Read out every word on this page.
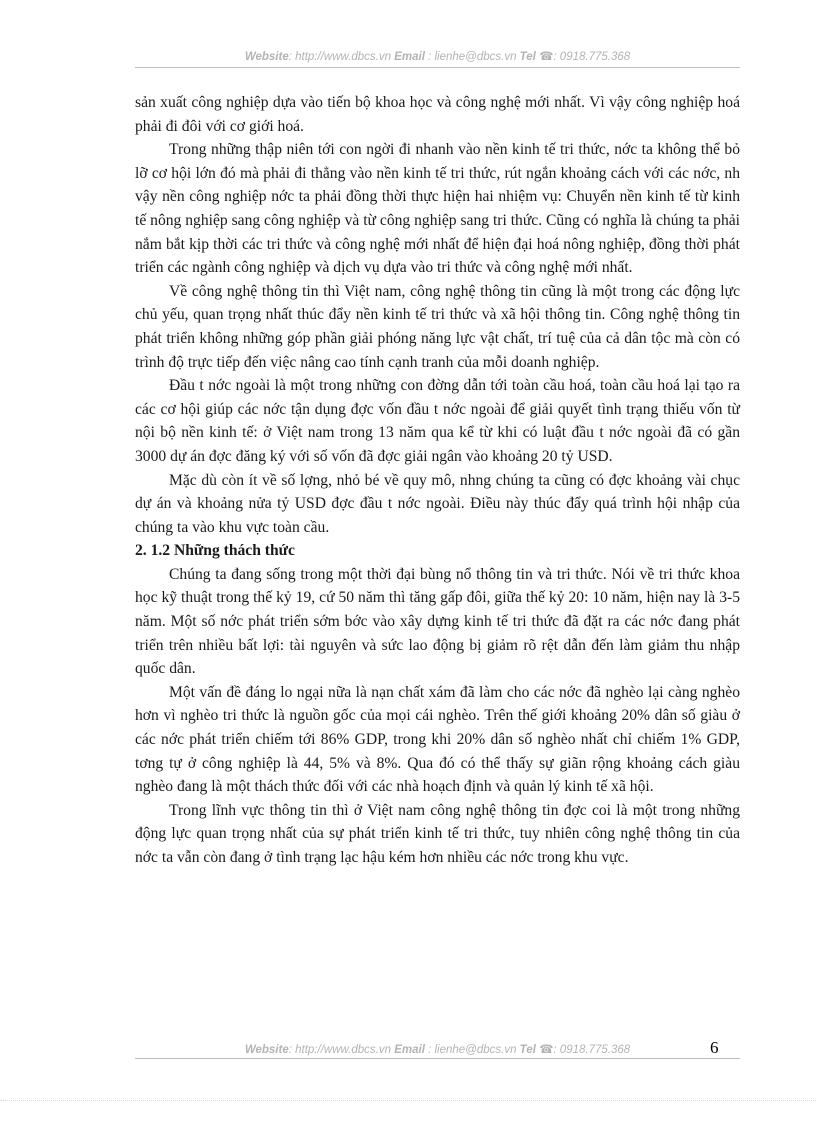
Website: http://www.dbcs.vn Email : lienhe@dbcs.vn Tel ☎: 0918.775.368

sản xuất công nghiệp dựa vào tiến bộ khoa học và công nghệ mới nhất. Vì vậy công nghiệp hoá phải đi đôi với cơ giới hoá.

Trong những thập niên tới con ngời đi nhanh vào nền kinh tế tri thức, nớc ta không thể bỏ lỡ cơ hội lớn đó mà phải đi thẳng vào nền kinh tế tri thức, rút ngắn khoảng cách với các nớc, nh vậy nền công nghiệp nớc ta phải đồng thời thực hiện hai nhiệm vụ: Chuyển nền kinh tế từ kinh tế nông nghiệp sang công nghiệp và từ công nghiệp sang tri thức. Cũng có nghĩa là chúng ta phải nắm bắt kịp thời các tri thức và công nghệ mới nhất để hiện đại hoá nông nghiệp, đồng thời phát triển các ngành công nghiệp và dịch vụ dựa vào tri thức và công nghệ mới nhất.

Về công nghệ thông tin thì Việt nam, công nghệ thông tin cũng là một trong các động lực chủ yếu, quan trọng nhất thúc đẩy nền kinh tế tri thức và xã hội thông tin. Công nghệ thông tin phát triển không những góp phần giải phóng năng lực vật chất, trí tuệ của cả dân tộc mà còn có trình độ trực tiếp đến việc nâng cao tính cạnh tranh của mỗi doanh nghiệp.

Đầu t nớc ngoài là một trong những con đờng dẫn tới toàn cầu hoá, toàn cầu hoá lại tạo ra các cơ hội giúp các nớc tận dụng đợc vốn đầu t nớc ngoài để giải quyết tình trạng thiếu vốn từ nội bộ nền kinh tế: ở Việt nam trong 13 năm qua kể từ khi có luật đầu t nớc ngoài đã có gần 3000 dự án đợc đăng ký với số vốn đã đợc giải ngân vào khoảng 20 tỷ USD.

Mặc dù còn ít về số lợng, nhỏ bé về quy mô, nhng chúng ta cũng có đợc khoảng vài chục dự án và khoảng nửa tỷ USD đợc đầu t nớc ngoài. Điều này thúc đẩy quá trình hội nhập của chúng ta vào khu vực toàn cầu.

2. 1.2 Những thách thức

Chúng ta đang sống trong một thời đại bùng nổ thông tin và tri thức. Nói về tri thức khoa học kỹ thuật trong thế kỷ 19, cứ 50 năm thì tăng gấp đôi, giữa thế kỷ 20: 10 năm, hiện nay là 3-5 năm. Một số nớc phát triển sớm bớc vào xây dựng kinh tế tri thức đã đặt ra các nớc đang phát triển trên nhiều bất lợi: tài nguyên và sức lao động bị giảm rõ rệt dẫn đến làm giảm thu nhập quốc dân.

Một vấn đề đáng lo ngại nữa là nạn chất xám đã làm cho các nớc đã nghèo lại càng nghèo hơn vì nghèo tri thức là nguồn gốc của mọi cái nghèo. Trên thế giới khoảng 20% dân số giàu ở các nớc phát triển chiếm tới 86% GDP, trong khi 20% dân số nghèo nhất chỉ chiếm 1% GDP, tơng tự ở công nghiệp là 44, 5% và 8%. Qua đó có thể thấy sự giãn rộng khoảng cách giàu nghèo đang là một thách thức đối với các nhà hoạch định và quản lý kinh tế xã hội.

Trong lĩnh vực thông tin thì ở Việt nam công nghệ thông tin đợc coi là một trong những động lực quan trọng nhất của sự phát triển kinh tế tri thức, tuy nhiên công nghệ thông tin của nớc ta vẫn còn đang ở tình trạng lạc hậu kém hơn nhiều các nớc trong khu vực.

Website: http://www.dbcs.vn Email : lienhe@dbcs.vn Tel ☎: 0918.775.368	6
